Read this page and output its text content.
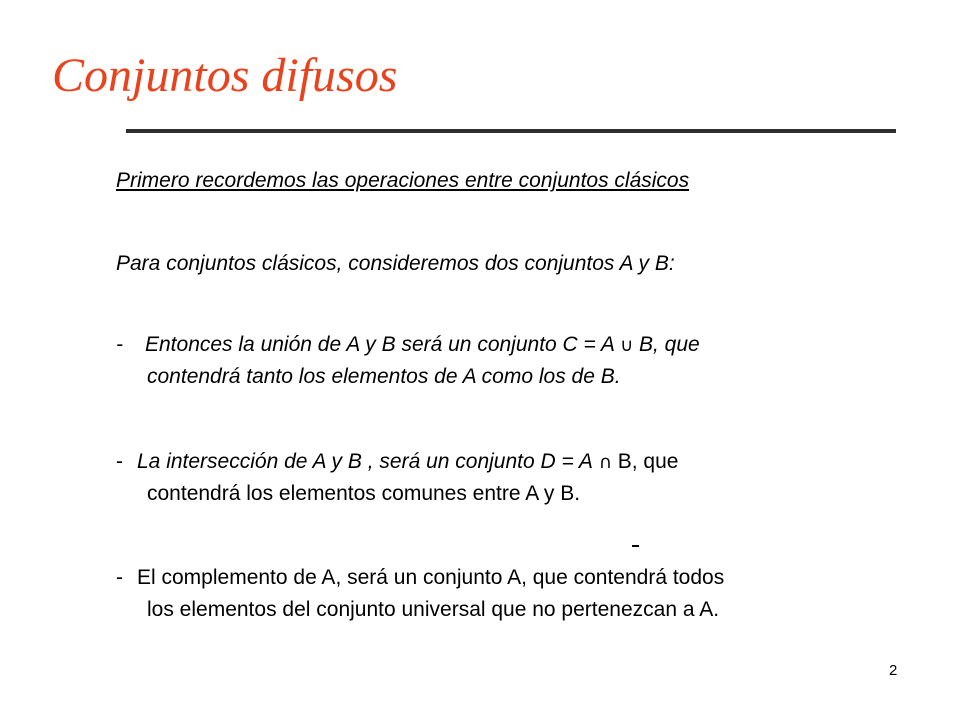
Conjuntos difusos
Primero recordemos las operaciones entre conjuntos clásicos
Para conjuntos clásicos, consideremos dos conjuntos A y B:
- Entonces la unión de A y B será un conjunto C = A ∪ B, que
contendrá tanto los elementos de A como los de B.
- La intersección de A y B , será un conjunto D = A ∩ B, que
contendrá los elementos comunes entre A y B.
- El complemento de A, será un conjunto A, que contendrá todos
los elementos del conjunto universal que no pertenezcan a A.
2
